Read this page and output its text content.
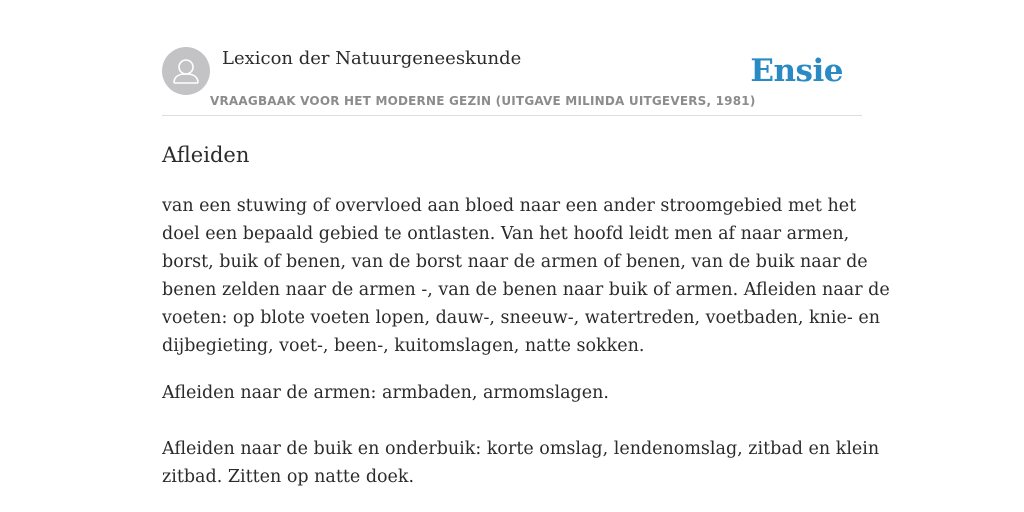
Lexicon der Natuurgeneeskunde
VRAAGBAAK VOOR HET MODERNE GEZIN (UITGAVE MILINDA UITGEVERS, 1981)
Ensie
Afleiden

van een stuwing of overvloed aan bloed naar een ander stroomgebied met het

doel een bepaald gebied te ontlasten. Van het hoofd leidt men af naar armen,

borst, buik of benen, van de borst naar de armen of benen, van de buik naar de

benen zelden naar de armen -, van de benen naar buik of armen. Afleiden naar de

voeten: op blote voeten lopen, dauw-, sneeuw-, watertreden, voetbaden, knie- en

dijbegieting, voet-, been-, kuitomslagen, natte sokken.

Afleiden naar de armen: armbaden, armomslagen.

Afleiden naar de buik en onderbuik: korte omslag, lendenomslag, zitbad en klein

zitbad. Zitten op natte doek.
